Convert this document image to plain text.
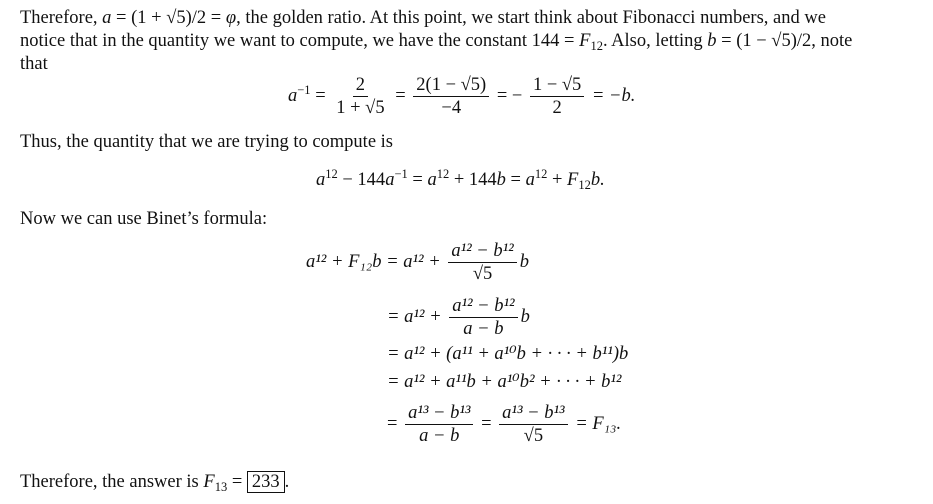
Therefore, a = (1 + √5)/2 = φ, the golden ratio. At this point, we start think about Fibonacci numbers, and we
notice that in the quantity we want to compute, we have the constant $144 = F_{12}$. Also, letting b = (1 − √5)/2, note
that
$a^{-1} = \frac{2}{1 + √5} = \frac{2(1 - √5)}{-4}$ = − $\frac{1 - √5}{2} = -b$.
Thus, the quantity that we are trying to compute is
$a^{12} - 144a^{-1} = a^{12} + 144b = a^{12} + F_{12}b$.
Now we can use Binet’s formula:
$a^{12} + F_{12}b = a^{12} + \frac{\text{a¹² − b¹²}}{√5}$ b
= $a^{12} + \frac{\text{a¹² − b¹²}}{a - b}$ b
= a¹² + (a¹¹ + a¹⁰b + · · · + b¹¹)b
= a¹² + a¹¹b + a¹⁰b² + · · · + b¹²
= $\frac{\text{a¹³ − b¹³}}{a - b} = \frac{\text{a¹³ − b¹³}}{√5} = F_{13}$.
Therefore, the answer is $F_{13} = 233$ .
